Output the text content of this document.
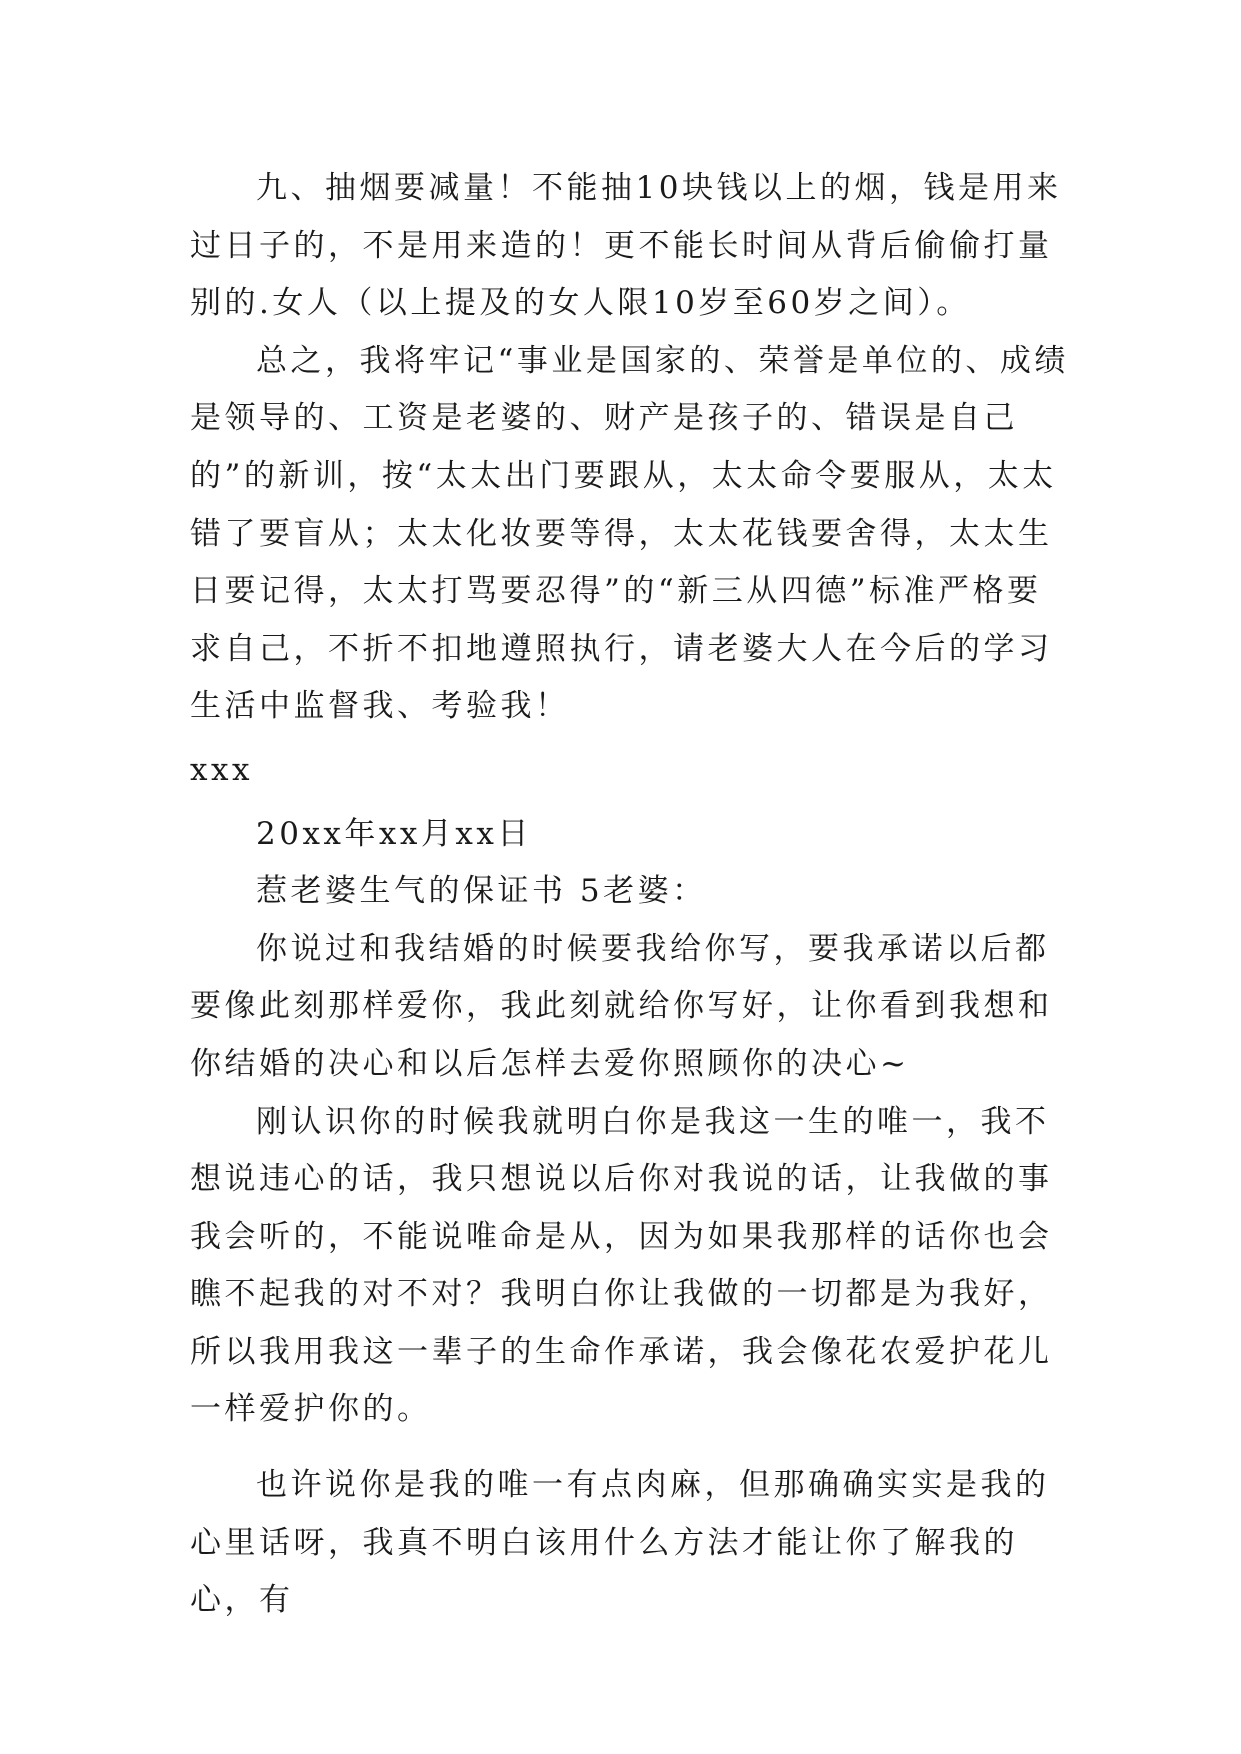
九、抽烟要减量！不能抽10块钱以上的烟，钱是用来过日子的，不是用来造的！更不能长时间从背后偷偷打量别的.女人（以上提及的女人限10岁至60岁之间）。

总之，我将牢记“事业是国家的、荣誉是单位的、成绩是领导的、工资是老婆的、财产是孩子的、错误是自己的”的新训，按“太太出门要跟从，太太命令要服从，太太错了要盲从；太太化妆要等得，太太花钱要舍得，太太生日要记得，太太打骂要忍得”的“新三从四德”标准严格要求自己，不折不扣地遵照执行，请老婆大人在今后的学习生活中监督我、考验我！

xxx

20xx年xx月xx日

惹老婆生气的保证书 5老婆：

你说过和我结婚的时候要我给你写，要我承诺以后都要像此刻那样爱你，我此刻就给你写好，让你看到我想和你结婚的决心和以后怎样去爱你照顾你的决心~

刚认识你的时候我就明白你是我这一生的唯一，我不想说违心的话，我只想说以后你对我说的话，让我做的事我会听的，不能说唯命是从，因为如果我那样的话你也会瞧不起我的对不对？我明白你让我做的一切都是为我好，所以我用我这一辈子的生命作承诺，我会像花农爱护花儿一样爱护你的。

也许说你是我的唯一有点肉麻，但那确确实实是我的心里话呀，我真不明白该用什么方法才能让你了解我的心，有
